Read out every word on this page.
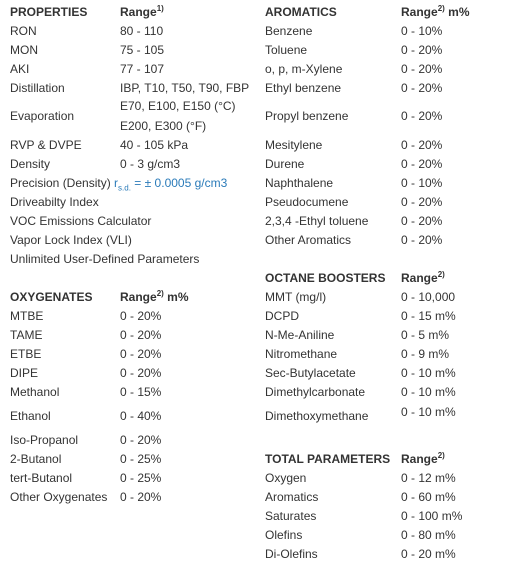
PROPERTIES	Range$^{1)}$
RON	80 - 110
MON	75 - 105
AKI	77 - 107
Distillation	IBP, T10, T50, T90, FBP
Evaporation
E70, E100, E150 (°C)
E200, E300 (°F)
RVP & DVPE	40 - 105 kPa
Density	0 - 3 g/cm3
Precision (Density) $r_{s.d.}$ = ± 0.0005 g/cm3
Driveabilty Index
VOC Emissions Calculator
Vapor Lock Index (VLI)
Unlimited User-Defined Parameters
OXYGENATES Range$^{2)}$ m%
MTBE	0 - 20%
TAME	0 - 20%
ETBE	0 - 20%
DIPE	0 - 20%
Methanol	0 - 15%
Ethanol	0 - 40%
Iso-Propanol	0 - 20%
2-Butanol	0 - 25%
tert-Butanol	0 - 25%
Other Oxygenates 0 - 20%
AROMATICS	Range$^{2)}$ m%
Benzene	0 - 10%
Toluene	0 - 20%
o, p, m-Xylene	0 - 20%
Ethyl benzene	0 - 20%
Propyl benzene	0 - 20%
Mesitylene	0 - 20%
Durene	0 - 20%
Naphthalene	0 - 10%
Pseudocumene	0 - 20%
2,3,4 -Ethyl toluene	0 - 20%
Other Aromatics	0 - 20%
OCTANE BOOSTERS Range$^{2)}$
MMT (mg/l)	0 - 10,000
DCPD	0 - 15 m%
N-Me-Aniline	0 - 5 m%
Nitromethane	0 - 9 m%
Sec-Butylacetate	0 - 10 m%
Dimethylcarbonate	0 - 10 m%
Dimethoxymethane	0 - 10 m%
TOTAL PARAMETERS Range$^{2)}$
Oxygen	0 - 12 m%
Aromatics	0 - 60 m%
Saturates	0 - 100 m%
Olefins	0 - 80 m%
Di-Olefins	0 - 20 m%
